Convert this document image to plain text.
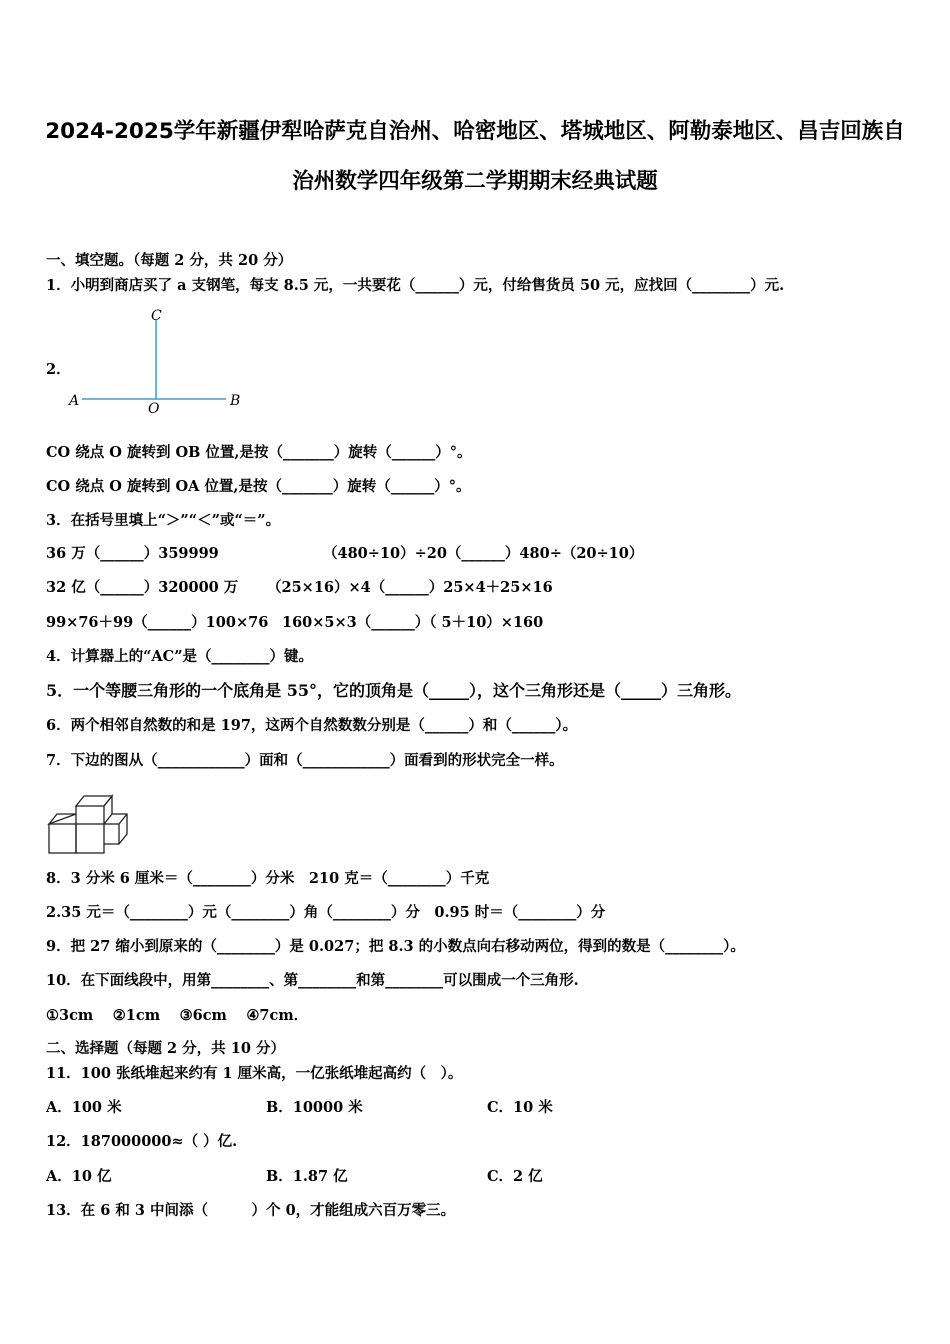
2024-2025学年新疆伊犁哈萨克自治州、哈密地区、塔城地区、阿勒泰地区、昌吉回族自
治州数学四年级第二学期期末经典试题
一、填空题。（每题 2 分，共 20 分）
1．小明到商店买了 a 支钢笔，每支 8.5 元，一共要花（______）元，付给售货员 50 元，应找回（________）元.
2．
C
A	O	B
CO 绕点 O 旋转到 OB 位置,是按（_______）旋转（______）°。
CO 绕点 O 旋转到 OA 位置,是按（_______）旋转（______）°。
3．在括号里填上“＞”“＜”或“＝”。
36 万（______）359999	（480÷10）÷20（______）480÷（20÷10）
32 亿（______）320000 万 （25×16）×4（______）25×4＋25×16
99×76＋99（______）100×76 160×5×3（______）（ 5＋10）×160
4．计算器上的“AC”是（________）键。
5．一个等腰三角形的一个底角是 55°，它的顶角是（_____），这个三角形还是（_____）三角形。
6．两个相邻自然数的和是 197，这两个自然数数分别是（______）和（______）。
7．下边的图从（____________）面和（____________）面看到的形状完全一样。
8．3 分米 6 厘米＝（________）分米　210 克＝（________）千克
2.35 元＝（________）元（________）角（________）分　0.95 时＝（________）分
9．把 27 缩小到原来的（________）是 0.027；把 8.3 的小数点向右移动两位，得到的数是（________）。
10．在下面线段中，用第________、第________和第________可以围成一个三角形.
①3cm　 ②1cm　 ③6cm　 ④7cm．
二、选择题（每题 2 分，共 10 分）
11．100 张纸堆起来约有 1 厘米高，一亿张纸堆起高约（　）。
A．100 米	B．10000 米	C．10 米
12．187000000≈（ ）亿.
A．10 亿	B．1.87 亿	C．2 亿
13．在 6 和 3 中间添（　　　）个 0，才能组成六百万零三。
